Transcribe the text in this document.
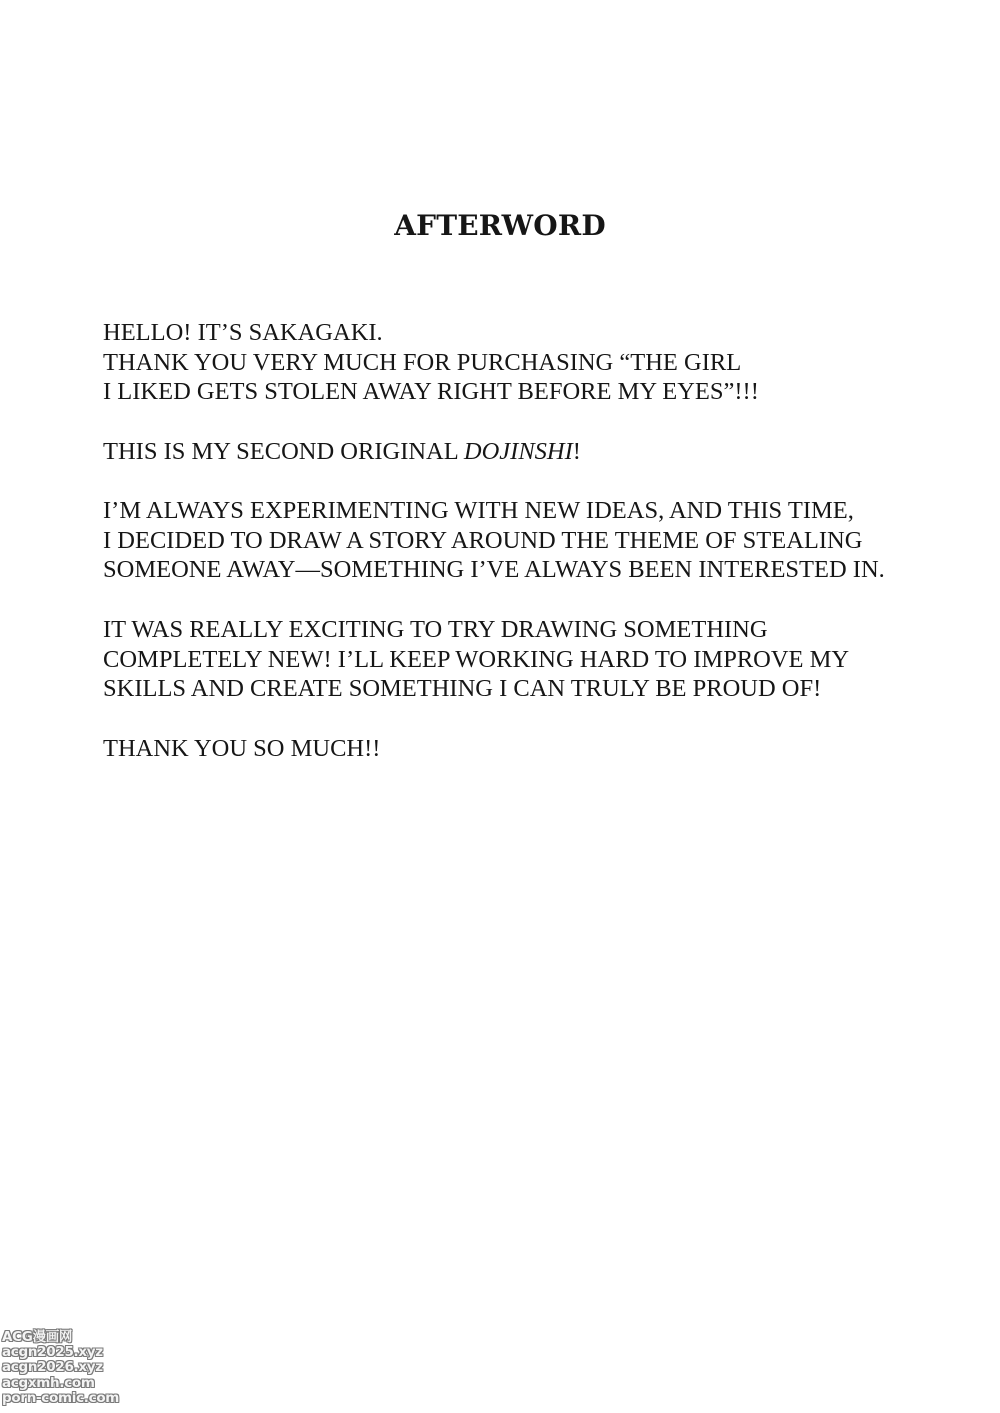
AFTERWORD

HELLO! IT’S SAKAGAKI.
THANK YOU VERY MUCH FOR PURCHASING “THE GIRL
I LIKED GETS STOLEN AWAY RIGHT BEFORE MY EYES”!!!

THIS IS MY SECOND ORIGINAL DOJINSHI!

I’M ALWAYS EXPERIMENTING WITH NEW IDEAS, AND THIS TIME,
I DECIDED TO DRAW A STORY AROUND THE THEME OF STEALING
SOMEONE AWAY—SOMETHING I’VE ALWAYS BEEN INTERESTED IN.

IT WAS REALLY EXCITING TO TRY DRAWING SOMETHING
COMPLETELY NEW! I’LL KEEP WORKING HARD TO IMPROVE MY
SKILLS AND CREATE SOMETHING I CAN TRULY BE PROUD OF!

THANK YOU SO MUCH!!

ACG漫画网
acgn2025.xyz
acgn2026.xyz
acgxmh.com
porn-comic.com
